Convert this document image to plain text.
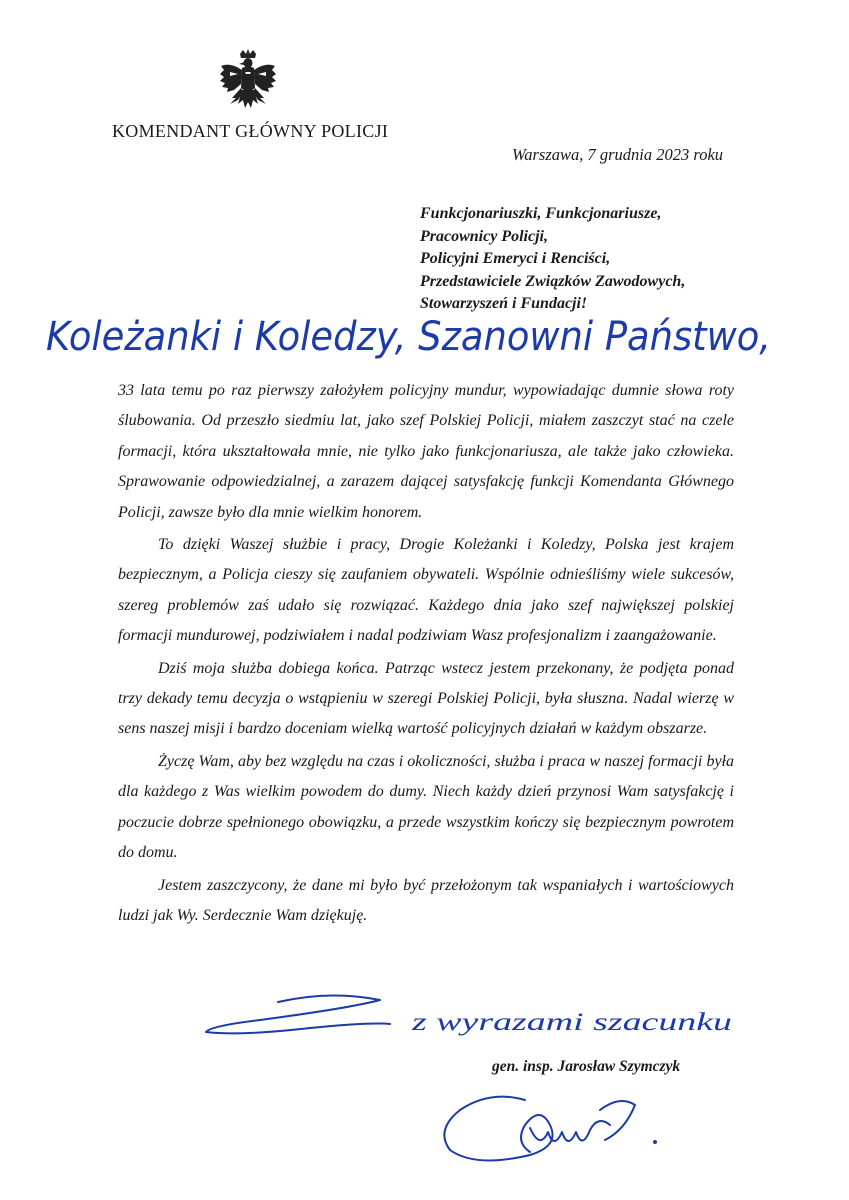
KOMENDANT GŁÓWNY POLICJI
Warszawa, 7 grudnia 2023 roku
Funkcjonariuszki, Funkcjonariusze,
Pracownicy Policji,
Policyjni Emeryci i Renciści,
Przedstawiciele Związków Zawodowych,
Stowarzyszeń i Fundacji!
Koleżanki i Koledzy, Szanowni Państwo,

33 lata temu po raz pierwszy założyłem policyjny mundur, wypowiadając dumnie słowa roty ślubowania. Od przeszło siedmiu lat, jako szef Polskiej Policji, miałem zaszczyt stać na czele formacji, która ukształtowała mnie, nie tylko jako funkcjonariusza, ale także jako człowieka. Sprawowanie odpowiedzialnej, a zarazem dającej satysfakcję funkcji Komendanta Głównego Policji, zawsze było dla mnie wielkim honorem.

To dzięki Waszej służbie i pracy, Drogie Koleżanki i Koledzy, Polska jest krajem bezpiecznym, a Policja cieszy się zaufaniem obywateli. Wspólnie odnieśliśmy wiele sukcesów, szereg problemów zaś udało się rozwiązać. Każdego dnia jako szef największej polskiej formacji mundurowej, podziwiałem i nadal podziwiam Wasz profesjonalizm i zaangażowanie.

Dziś moja służba dobiega końca. Patrząc wstecz jestem przekonany, że podjęta ponad trzy dekady temu decyzja o wstąpieniu w szeregi Polskiej Policji, była słuszna. Nadal wierzę w sens naszej misji i bardzo doceniam wielką wartość policyjnych działań w każdym obszarze.

Życzę Wam, aby bez względu na czas i okoliczności, służba i praca w naszej formacji była dla każdego z Was wielkim powodem do dumy. Niech każdy dzień przynosi Wam satysfakcję i poczucie dobrze spełnionego obowiązku, a przede wszystkim kończy się bezpiecznym powrotem do domu.

Jestem zaszczycony, że dane mi było być przełożonym tak wspaniałych i wartościowych ludzi jak Wy. Serdecznie Wam dziękuję.

z wyrazami szacunku
gen. insp. Jarosław Szymczyk
